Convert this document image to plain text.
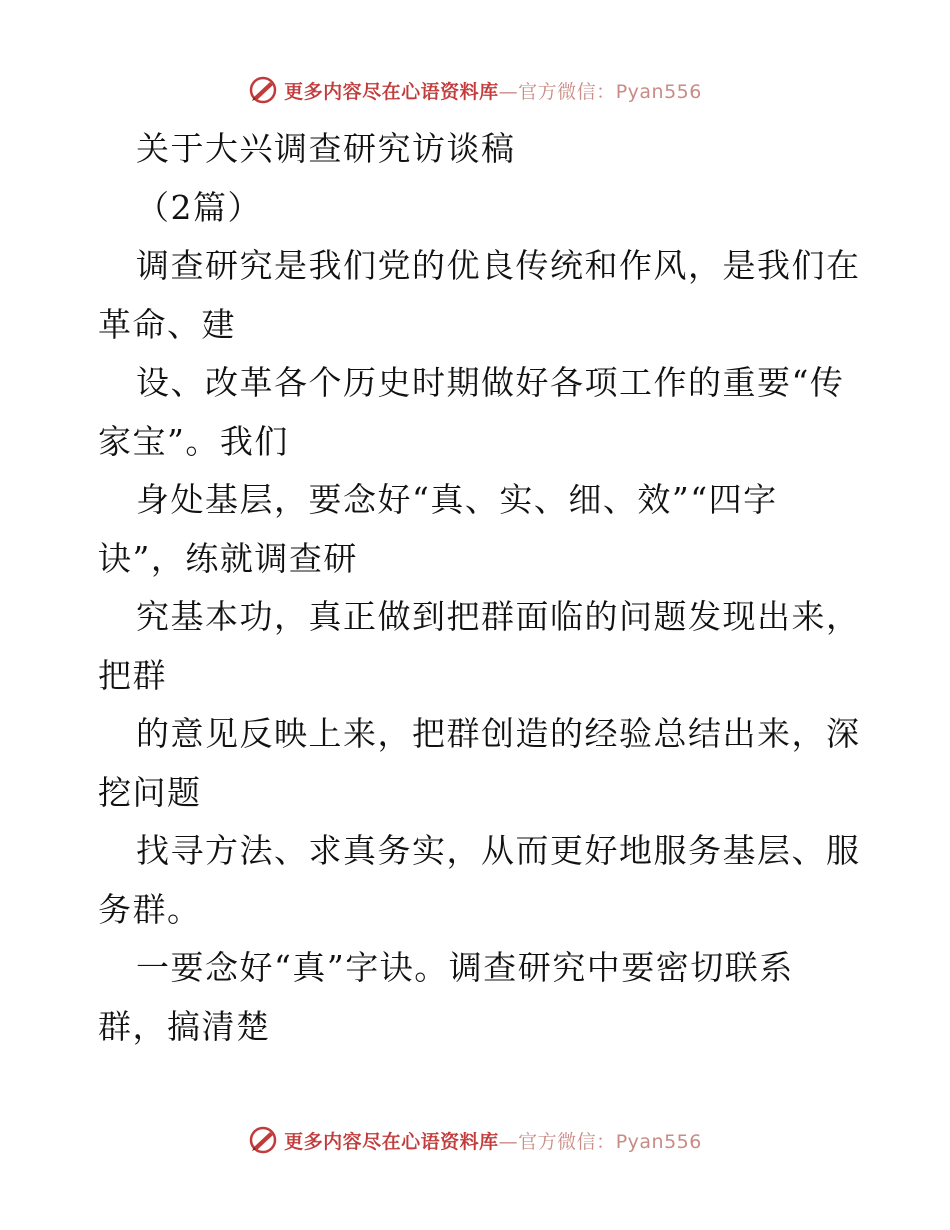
更多内容尽在心语资料库—官方微信：Pyan556
关于大兴调查研究访谈稿
（2篇）
调查研究是我们党的优良传统和作风，是我们在
革命、建
设、改革各个历史时期做好各项工作的重要“传
家宝”。我们
身处基层，要念好“真、实、细、效”“四字
诀”，练就调查研
究基本功，真正做到把群面临的问题发现出来，
把群
的意见反映上来，把群创造的经验总结出来，深
挖问题
找寻方法、求真务实，从而更好地服务基层、服
务群。
一要念好“真”字诀。调查研究中要密切联系
群，搞清楚
更多内容尽在心语资料库—官方微信：Pyan556
